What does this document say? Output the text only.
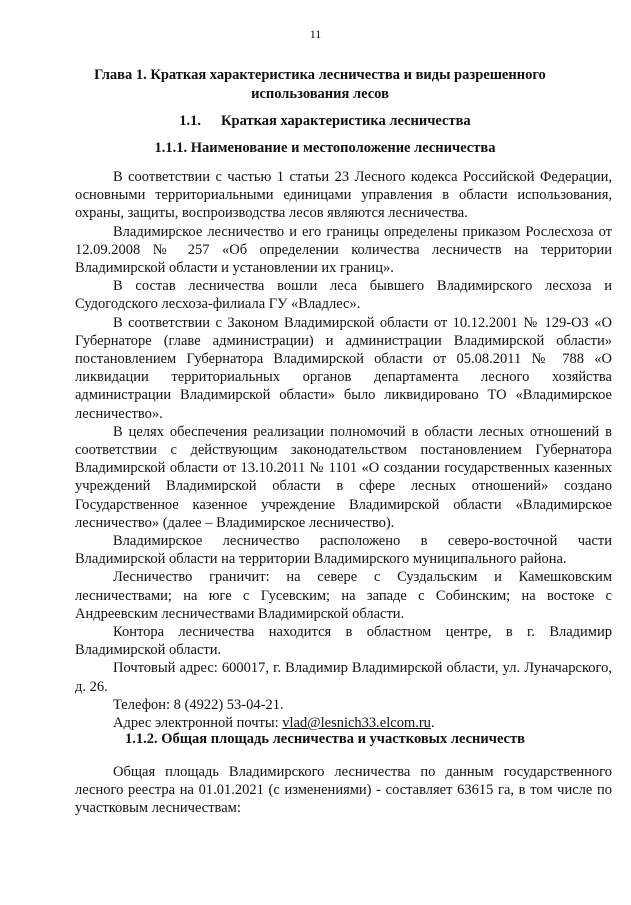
11
Глава 1. Краткая характеристика лесничества и виды разрешенного использования лесов
1.1. Краткая характеристика лесничества
1.1.1. Наименование и местоположение лесничества

В соответствии с частью 1 статьи 23 Лесного кодекса Российской Федерации, основными территориальными единицами управления в области использования, охраны, защиты, воспроизводства лесов являются лесничества.

Владимирское лесничество и его границы определены приказом Рослесхоза от 12.09.2008 № 257 «Об определении количества лесничеств на территории Владимирской области и установлении их границ».

В состав лесничества вошли леса бывшего Владимирского лесхоза и Судогодского лесхоза-филиала ГУ «Владлес».

В соответствии с Законом Владимирской области от 10.12.2001 № 129-ОЗ «О Губернаторе (главе администрации) и администрации Владимирской области» постановлением Губернатора Владимирской области от 05.08.2011 № 788 «О ликвидации территориальных органов департамента лесного хозяйства администрации Владимирской области» было ликвидировано ТО «Владимирское лесничество».

В целях обеспечения реализации полномочий в области лесных отношений в соответствии с действующим законодательством постановлением Губернатора Владимирской области от 13.10.2011 № 1101 «О создании государственных казенных учреждений Владимирской области в сфере лесных отношений» создано Государственное казенное учреждение Владимирской области «Владимирское лесничество» (далее – Владимирское лесничество).

Владимирское лесничество расположено в северо-восточной части Владимирской области на территории Владимирского муниципального района.

Лесничество граничит: на севере с Суздальским и Камешковским лесничествами; на юге с Гусевским; на западе с Собинским; на востоке с Андреевским лесничествами Владимирской области.

Контора лесничества находится в областном центре, в г. Владимир Владимирской области.

Почтовый адрес: 600017, г. Владимир Владимирской области, ул. Луначарского, д. 26.

Телефон: 8 (4922) 53-04-21.

Адрес электронной почты: vlad@lesnich33.elcom.ru.

1.1.2. Общая площадь лесничества и участковых лесничеств

Общая площадь Владимирского лесничества по данным государственного лесного реестра на 01.01.2021 (с изменениями) - составляет 63615 га, в том числе по участковым лесничествам:
